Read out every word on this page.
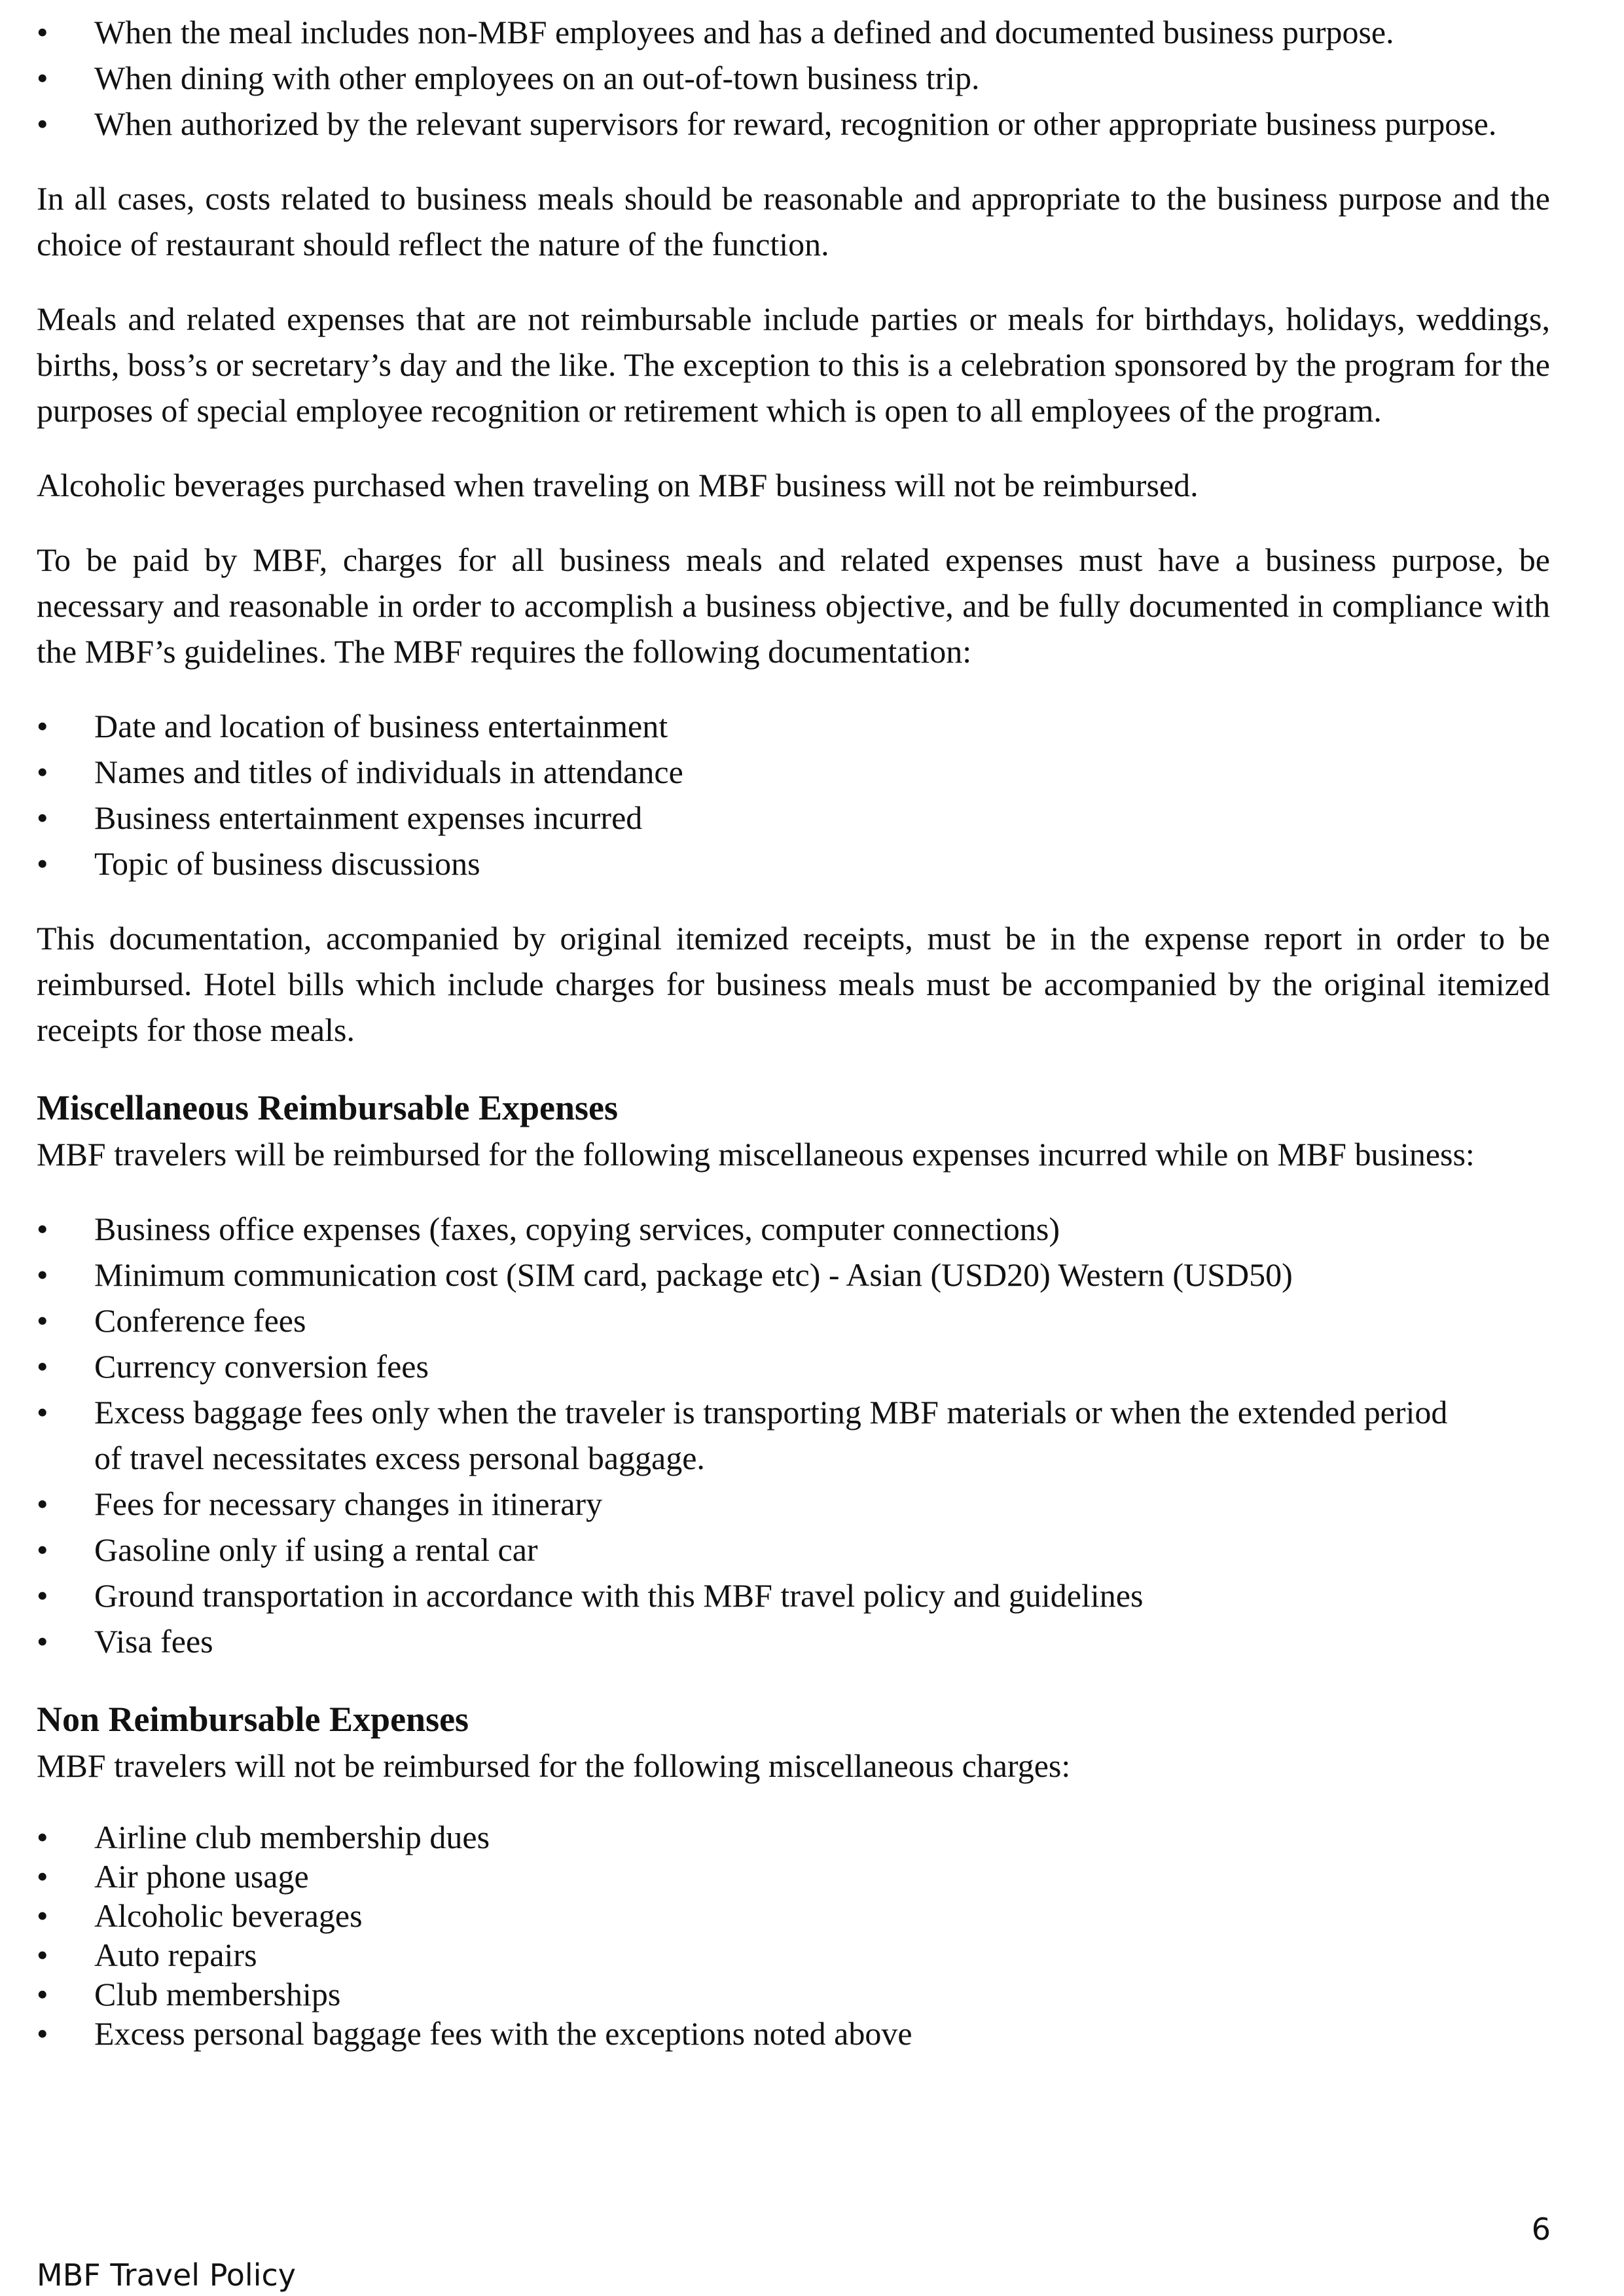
•	When the meal includes non-MBF employees and has a defined and documented business purpose.
•	When dining with other employees on an out-of-town business trip.
• When authorized by the relevant supervisors for reward, recognition or other appropriate business purpose.

In all cases, costs related to business meals should be reasonable and appropriate to the business purpose and the choice of restaurant should reflect the nature of the function.

Meals and related expenses that are not reimbursable include parties or meals for birthdays, holidays, weddings, births, boss’s or secretary’s day and the like. The exception to this is a celebration sponsored by the program for the purposes of special employee recognition or retirement which is open to all employees of the program.

Alcoholic beverages purchased when traveling on MBF business will not be reimbursed.

To be paid by MBF, charges for all business meals and related expenses must have a business purpose, be necessary and reasonable in order to accomplish a business objective, and be fully documented in compliance with the MBF’s guidelines. The MBF requires the following documentation:

•	Date and location of business entertainment
•	Names and titles of individuals in attendance
•	Business entertainment expenses incurred
•	Topic of business discussions

This documentation, accompanied by original itemized receipts, must be in the expense report in order to be reimbursed. Hotel bills which include charges for business meals must be accompanied by the original itemized receipts for those meals.

Miscellaneous Reimbursable Expenses

MBF travelers will be reimbursed for the following miscellaneous expenses incurred while on MBF business:

•	Business office expenses (faxes, copying services, computer connections)
•	Minimum communication cost (SIM card, package etc) - Asian (USD20) Western (USD50)
•	Conference fees
•	Currency conversion fees
•	Excess baggage fees only when the traveler is transporting MBF materials or when the extended period of travel necessitates excess personal baggage.
•	Fees for necessary changes in itinerary
•	Gasoline only if using a rental car
•	Ground transportation in accordance with this MBF travel policy and guidelines
•	Visa fees
Non Reimbursable Expenses

MBF travelers will not be reimbursed for the following miscellaneous charges:

•	Airline club membership dues
•	Air phone usage
•	Alcoholic beverages
•	Auto repairs
•	Club memberships
•	Excess personal baggage fees with the exceptions noted above
6
MBF Travel Policy
